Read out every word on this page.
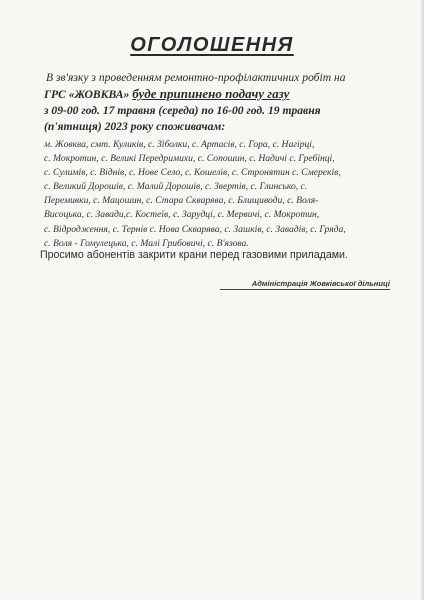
ОГОЛОШЕННЯ
В зв'язку з проведенням ремонтно-профілактичних робіт на
ГРС «ЖОВКВА» буде припинено подачу газу
з 09-00 год. 17 травня (середа) по 16-00 год. 19 травня
(п'ятниця) 2023 року споживачам:
м. Жовква, смт. Куликів, с. Зіболки, с. Артасів, с. Гора, с. Нагірці,
с. Мокротин, с. Великі Передримихи, с. Сопошин, с. Надичі с. Гребінці,
с. Сулимів, с. Віднів, с. Нове Село, с. Кошелів, с. Стронятин с. Смереків,
с. Великий Дорошів, с. Малий Дорошів, с. Звертів, с. Глинсько, с.
Перемивки, с. Мацошин, с. Стара Скварява, с. Блищиводи, с. Воля-
Висоцька, с. Завади,с. Костеїв, с. Зарудці, с. Мервичі, с. Мокротин,
с. Відродження, с. Тернів с. Нова Скварява, с. Зашків, с. Завадів, с. Грядa,
с. Воля - Гомулецька, с. Малі Грибовичі, с. В'язова.
Просимо абонентів закрити крани перед газовими приладами.
Адміністрація Жовківської дільниці
